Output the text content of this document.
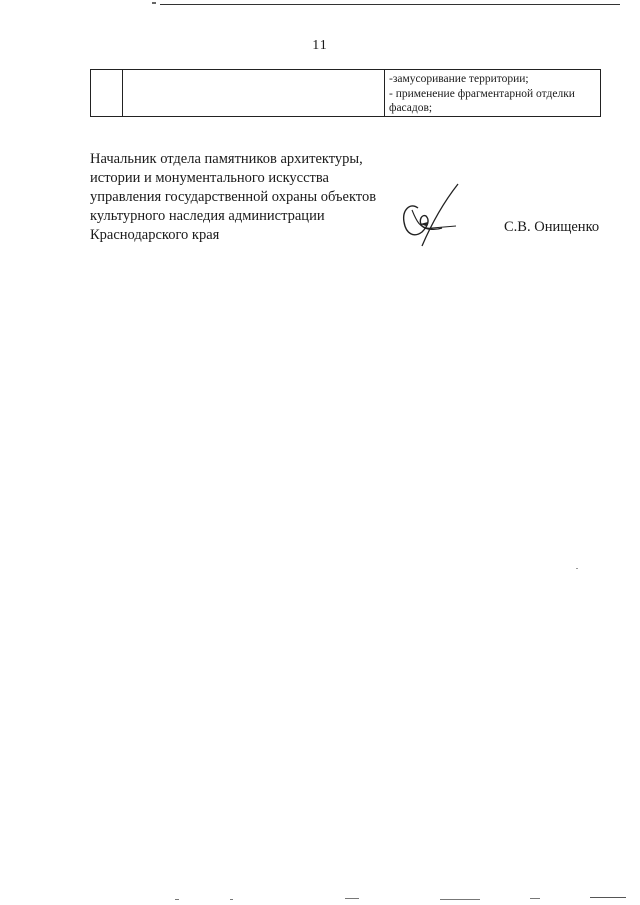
11

-замусоривание территории;
- применение фрагментарной отделки
фасадов;
Начальник отдела памятников архитектуры,
истории и монументального искусства
управления государственной охраны объектов
культурного наследия администрации
Краснодарского края	С.В. Онищенко
